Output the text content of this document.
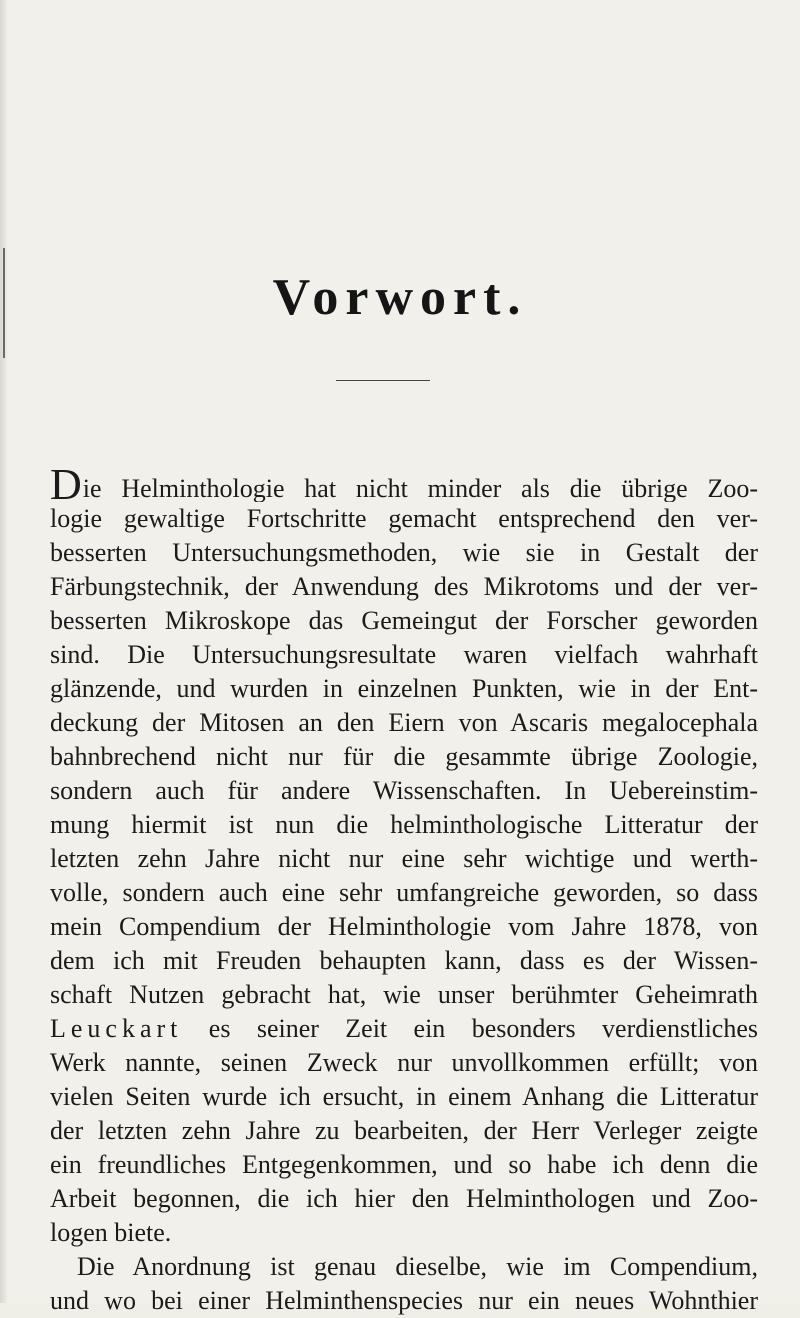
Vorwort.
Die Helminthologie hat nicht minder als die übrige Zoo-
logie gewaltige Fortschritte gemacht entsprechend den ver-
besserten Untersuchungsmethoden, wie sie in Gestalt der
Färbungstechnik, der Anwendung des Mikrotoms und der ver-
besserten Mikroskope das Gemeingut der Forscher geworden
sind. Die Untersuchungsresultate waren vielfach wahrhaft
glänzende, und wurden in einzelnen Punkten, wie in der Ent-
deckung der Mitosen an den Eiern von Ascaris megalocephala
bahnbrechend nicht nur für die gesammte übrige Zoologie,
sondern auch für andere Wissenschaften. In Uebereinstim-
mung hiermit ist nun die helminthologische Litteratur der
letzten zehn Jahre nicht nur eine sehr wichtige und werth-
volle, sondern auch eine sehr umfangreiche geworden, so dass
mein Compendium der Helminthologie vom Jahre 1878, von
dem ich mit Freuden behaupten kann, dass es der Wissen-
schaft Nutzen gebracht hat, wie unser berühmter Geheimrath
Leuckart es seiner Zeit ein besonders verdienstliches
Werk nannte, seinen Zweck nur unvollkommen erfüllt; von
vielen Seiten wurde ich ersucht, in einem Anhang die Litteratur
der letzten zehn Jahre zu bearbeiten, der Herr Verleger zeigte
ein freundliches Entgegenkommen, und so habe ich denn die
Arbeit begonnen, die ich hier den Helminthologen und Zoo-
logen biete.
Die Anordnung ist genau dieselbe, wie im Compendium,
und wo bei einer Helminthenspecies nur ein neues Wohnthier
